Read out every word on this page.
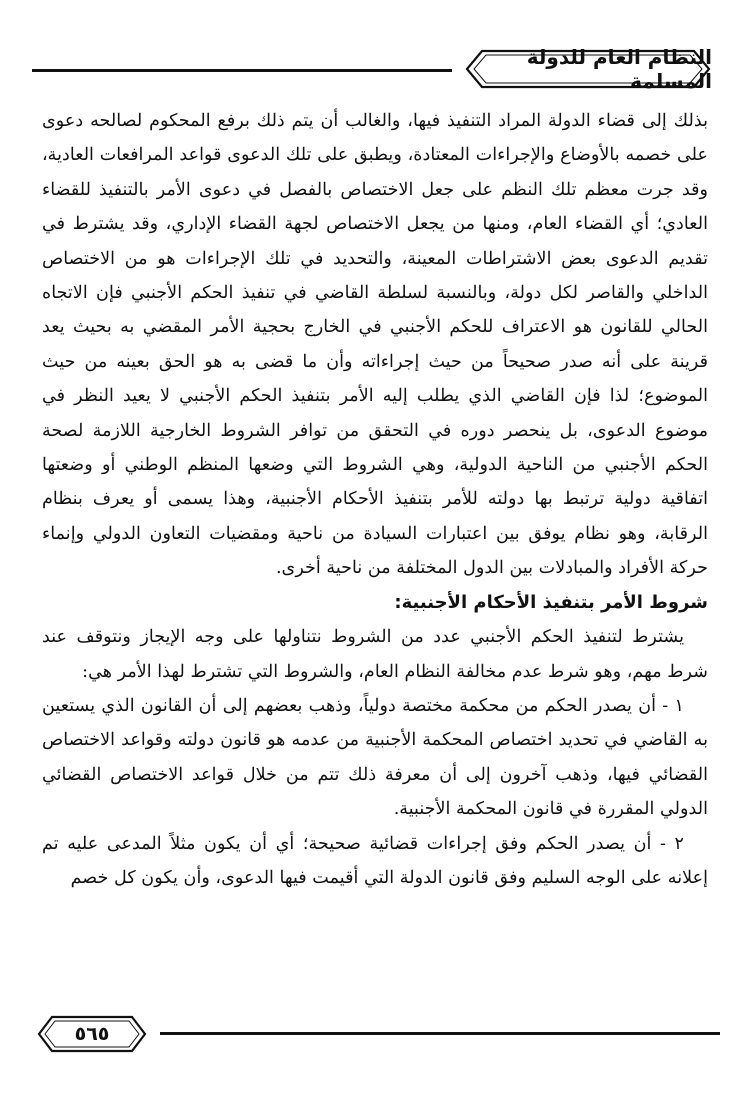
النظام العام للدولة المسلمة

بذلك إلى قضاء الدولة المراد التنفيذ فيها، والغالب أن يتم ذلك برفع المحكوم لصالحه دعوى على خصمه بالأوضاع والإجراءات المعتادة، ويطبق على تلك الدعوى قواعد المرافعات العادية، وقد جرت معظم تلك النظم على جعل الاختصاص بالفصل في دعوى الأمر بالتنفيذ للقضاء العادي؛ أي القضاء العام، ومنها من يجعل الاختصاص لجهة القضاء الإداري، وقد يشترط في تقديم الدعوى بعض الاشتراطات المعينة، والتحديد في تلك الإجراءات هو من الاختصاص الداخلي والقاصر لكل دولة، وبالنسبة لسلطة القاضي في تنفيذ الحكم الأجنبي فإن الاتجاه الحالي للقانون هو الاعتراف للحكم الأجنبي في الخارج بحجية الأمر المقضي به بحيث يعد قرينة على أنه صدر صحيحاً من حيث إجراءاته وأن ما قضى به هو الحق بعينه من حيث الموضوع؛ لذا فإن القاضي الذي يطلب إليه الأمر بتنفيذ الحكم الأجنبي لا يعيد النظر في موضوع الدعوى، بل ينحصر دوره في التحقق من توافر الشروط الخارجية اللازمة لصحة الحكم الأجنبي من الناحية الدولية، وهي الشروط التي وضعها المنظم الوطني أو وضعتها اتفاقية دولية ترتبط بها دولته للأمر بتنفيذ الأحكام الأجنبية، وهذا يسمى أو يعرف بنظام الرقابة، وهو نظام يوفق بين اعتبارات السيادة من ناحية ومقضيات التعاون الدولي وإنماء حركة الأفراد والمبادلات بين الدول المختلفة من ناحية أخرى.

شروط الأمر بتنفيذ الأحكام الأجنبية:

يشترط لتنفيذ الحكم الأجنبي عدد من الشروط نتناولها على وجه الإيجاز ونتوقف عند شرط مهم، وهو شرط عدم مخالفة النظام العام، والشروط التي تشترط لهذا الأمر هي:

١ - أن يصدر الحكم من محكمة مختصة دولياً، وذهب بعضهم إلى أن القانون الذي يستعين به القاضي في تحديد اختصاص المحكمة الأجنبية من عدمه هو قانون دولته وقواعد الاختصاص القضائي فيها، وذهب آخرون إلى أن معرفة ذلك تتم من خلال قواعد الاختصاص القضائي الدولي المقررة في قانون المحكمة الأجنبية.

٢ - أن يصدر الحكم وفق إجراءات قضائية صحيحة؛ أي أن يكون مثلاً المدعى عليه تم إعلانه على الوجه السليم وفق قانون الدولة التي أقيمت فيها الدعوى، وأن يكون كل خصم

٥٦٥
